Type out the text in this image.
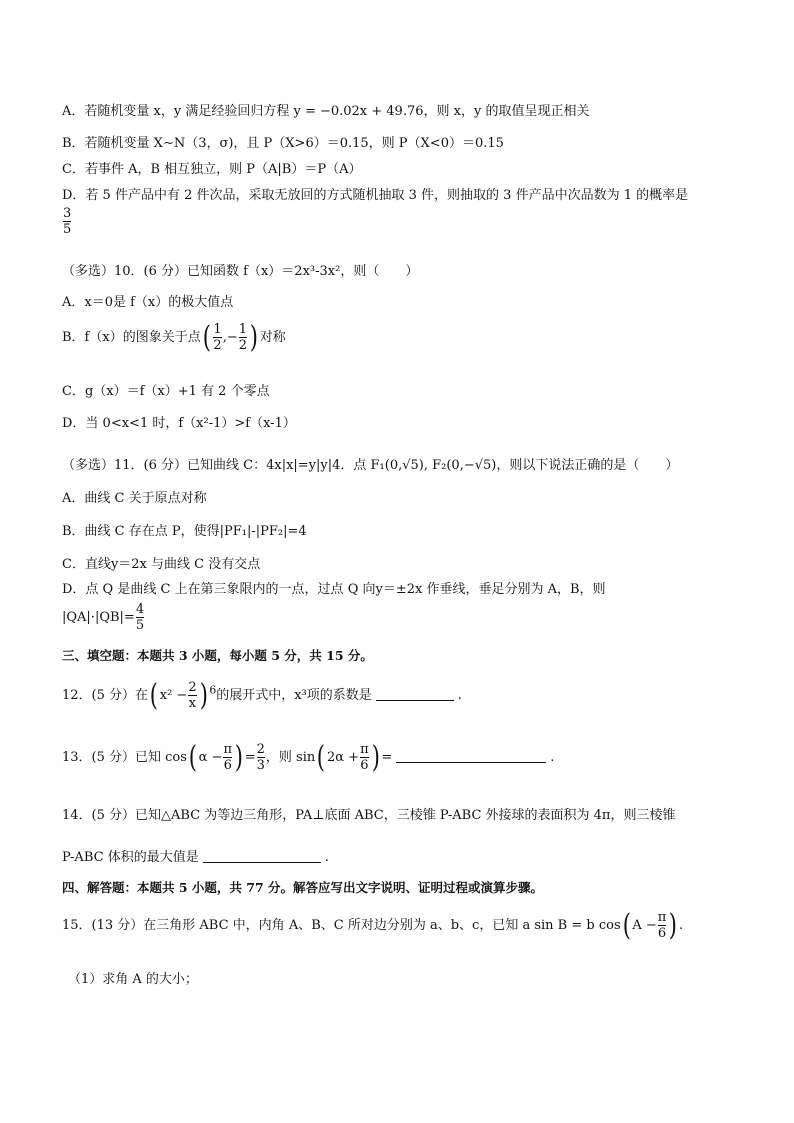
A．若随机变量 x，y 满足经验回归方程 y = −0.02x + 49.76，则 x，y 的取值呈现正相关
B．若随机变量 X∼N（3，σ)，且 P（X>6）＝0.15，则 P（X<0）＝0.15
C．若事件 A，B 相互独立，则 P（A|B）＝P（A）
D．若 5 件产品中有 2 件次品，采取无放回的方式随机抽取 3 件，则抽取的 3 件产品中次品数为 1 的概率是
$\frac{3}{5}$
（多选）10．(6 分）已知函数 f（x）＝2x³-3x²，则（　　）
A．x＝0是 f（x）的极大值点
B．f（x）的图象关于点( $\frac{1}{2}$ ,− $\frac{1}{2}$ ) 对称
C．g（x）＝f（x）+1 有 2 个零点
D．当 0<x<1 时，f（x²-1）>f（x-1）
（多选）11．(6 分）已知曲线 C：4x|x|=y|y|4．点 F₁(0,√5), F₂(0,−√5)，则以下说法正确的是（　　）
A．曲线 C 关于原点对称
B．曲线 C 存在点 P，使得|PF₁|-|PF₂|=4
C．直线y＝2x 与曲线 C 没有交点
D．点 Q 是曲线 C 上在第三象限内的一点，过点 Q 向y＝±2x 作垂线，垂足分别为 A，B，则
$|QA|\cdot|QB|= \frac{4}{5}$
三、填空题：本题共 3 小题，每小题 5 分，共 15 分。
12．(5 分）在( $x^2 - \frac{2}{x}$ ) $^6$的展开式中，x³项的系数是	.
13．(5 分）已知 cos( $\alpha - \frac{\pi}{6}$ ) = $\frac{2}{3}$ ，则 sin( $2\alpha + \frac{\pi}{6}$ ) =	.
14．(5 分）已知△ABC 为等边三角形，PA⊥底面 ABC，三棱锥 P-ABC 外接球的表面积为 4π，则三棱锥
P-ABC 体积的最大值是	.
四、解答题：本题共 5 小题，共 77 分。解答应写出文字说明、证明过程或演算步骤。
15．(13 分）在三角形 ABC 中，内角 A、B、C 所对边分别为 a、b、c，已知 a sin B = b cos( $A - \frac{\pi}{6}$ ) .
（1）求角 A 的大小；
